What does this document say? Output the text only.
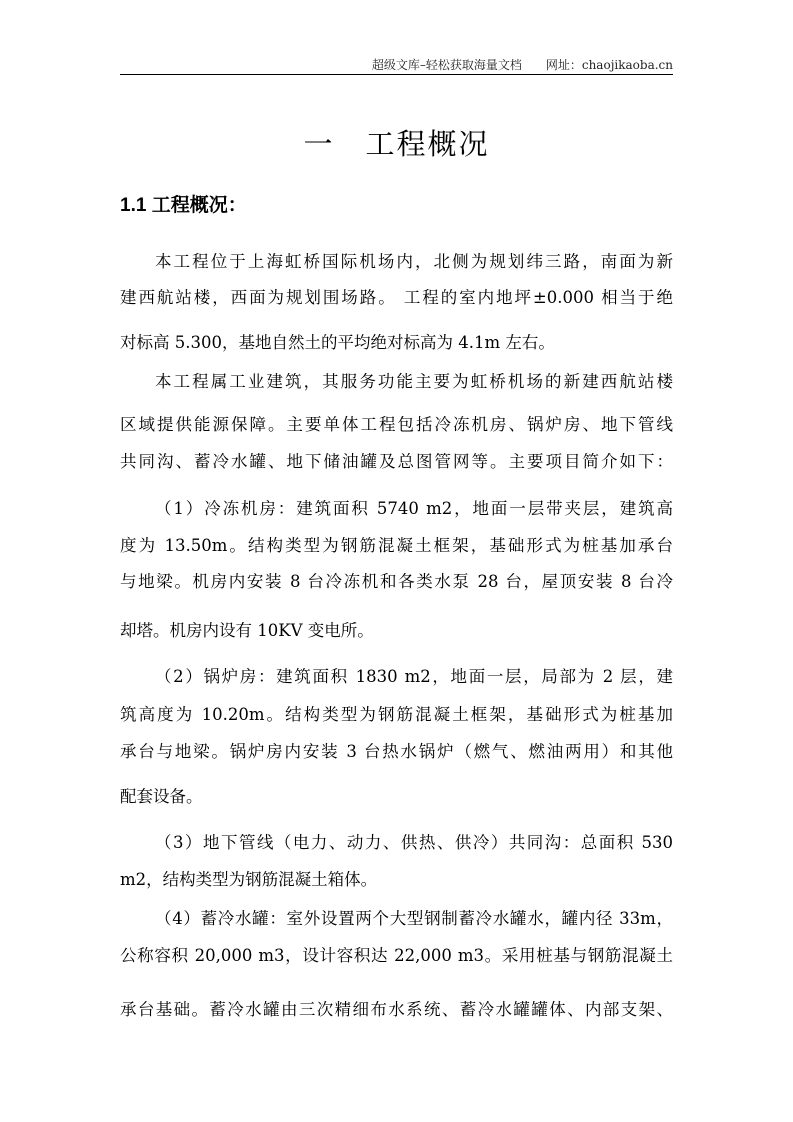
超级文库–轻松获取海量文档　　网址：chaojikaoba.cn
一　工程概况
1.1 工程概况：
本工程位于上海虹桥国际机场内，北侧为规划纬三路，南面为新
建西航站楼，西面为规划围场路。 工程的室内地坪±0.000 相当于绝
对标高 5.300，基地自然土的平均绝对标高为 4.1m 左右。
本工程属工业建筑，其服务功能主要为虹桥机场的新建西航站楼
区域提供能源保障。主要单体工程包括冷冻机房、锅炉房、地下管线
共同沟、蓄冷水罐、地下储油罐及总图管网等。主要项目简介如下：
（1）冷冻机房：建筑面积 5740 m2，地面一层带夹层，建筑高
度为 13.50m。结构类型为钢筋混凝土框架，基础形式为桩基加承台
与地梁。机房内安装 8 台冷冻机和各类水泵 28 台，屋顶安装 8 台冷
却塔。机房内设有 10KV 变电所。
（2）锅炉房：建筑面积 1830 m2，地面一层，局部为 2 层，建
筑高度为 10.20m。结构类型为钢筋混凝土框架，基础形式为桩基加
承台与地梁。锅炉房内安装 3 台热水锅炉（燃气、燃油两用）和其他
配套设备。
（3）地下管线（电力、动力、供热、供冷）共同沟：总面积 530
m2，结构类型为钢筋混凝土箱体。
（4）蓄冷水罐：室外设置两个大型钢制蓄冷水罐水，罐内径 33m，
公称容积 20,000 m3，设计容积达 22,000 m3。采用桩基与钢筋混凝土
承台基础。蓄冷水罐由三次精细布水系统、蓄冷水罐罐体、内部支架、
